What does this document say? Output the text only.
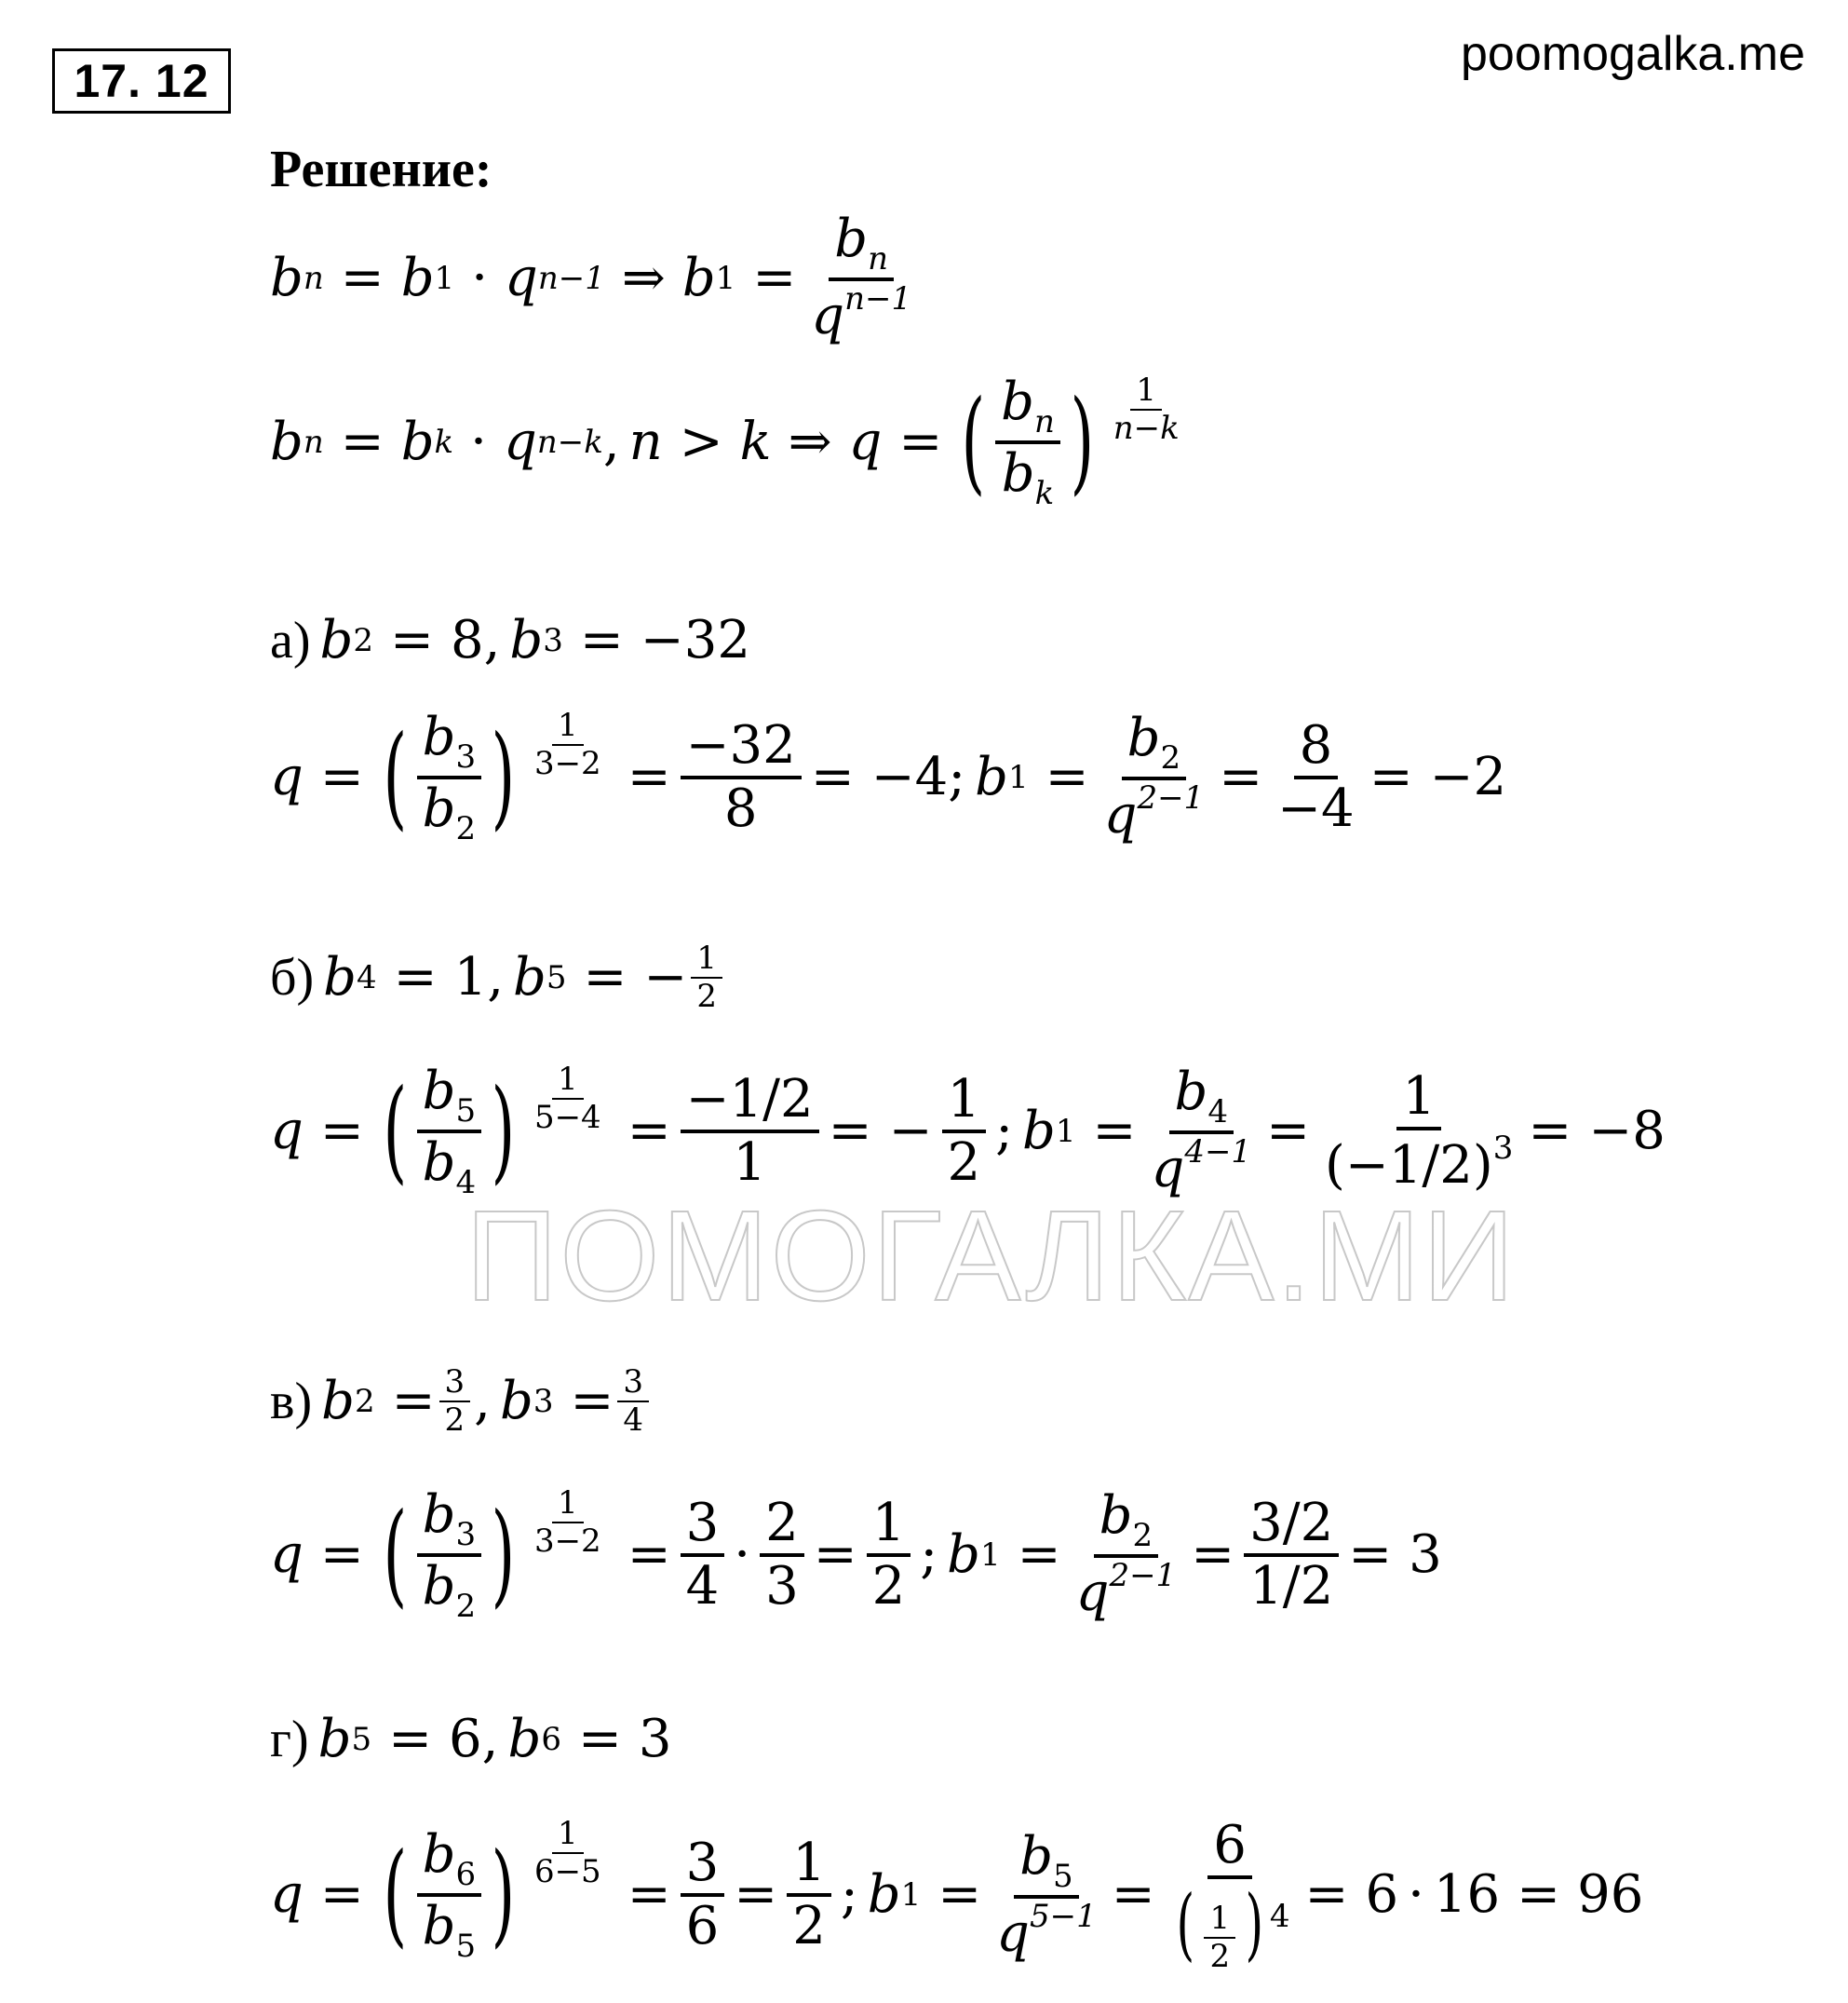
17. 12	poomogalka.me
Решение:
b n = b 1 · q n−1 ⇒ b $1 = \frac{b_n}{q^{n-1}}$
b n = b k · q n−k , n > k ⇒ q = ( $\frac{b_n}{b_k}$ ) $\frac{1}{n-k}$
а) b 2 = 8, b 3 = −32
q = ( $\frac{b_3}{b_2}$ ) $\frac{1}{3-2} = \frac{-32}{8} = -4$; b $1 = \frac{b_2}{q^{2-1}} = \frac{8}{-4} = -2$
б) b 4 = 1, b 5 = − $\frac{1}{2}$
q = ( $\frac{b_5}{b_4}$ ) $\frac{1}{5-4} = \frac{-1/2}{1}$ = − $\frac{1}{2}$ ; b $1 = \frac{b_4}{q^{4-1}} = \frac{1}{(-1/2)^3} = -8$
ПОМОГАЛКА.МИ
в) b $2 = \frac{3}{2}$ , b $3 = \frac{3}{4}$
q = ( $\frac{b_3}{b_2}$ ) $\frac{1}{3-2} = \frac{3}{4} \cdot \frac{2}{3} = \frac{1}{2}$ ; b $1 = \frac{b_2}{q^{2-1}} = \frac{3/2}{1/2} = 3$
г) b 5 = 6, b 6 = 3
q = ( $\frac{b_6}{b_5}$ ) $\frac{1}{6-5}$
= $\frac{3}{6} = \frac{1}{2}$ ; b $1 = \frac{b_5}{q^{5-1}} = \frac{6}{( \frac{1}{2} ) ^4} = 6 \cdot 16 = 96$
